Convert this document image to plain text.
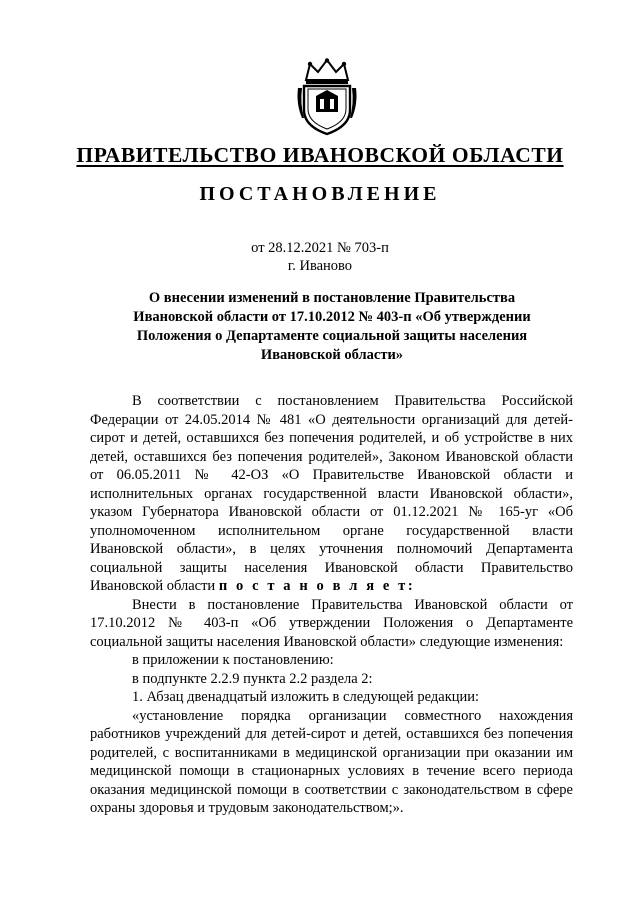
ПРАВИТЕЛЬСТВО ИВАНОВСКОЙ ОБЛАСТИ
ПОСТАНОВЛЕНИЕ
от 28.12.2021 № 703-п
г. Иваново
О внесении изменений в постановление Правительства
Ивановской области от 17.10.2012 № 403-п «Об утверждении
Положения о Департаменте социальной защиты населения
Ивановской области»

В соответствии с постановлением Правительства Российской Федерации от 24.05.2014 № 481 «О деятельности организаций для детей-сирот и детей, оставшихся без попечения родителей, и об устройстве в них детей, оставшихся без попечения родителей», Законом Ивановской области от 06.05.2011 № 42-ОЗ «О Правительстве Ивановской области и исполнительных органах государственной власти Ивановской области», указом Губернатора Ивановской области от 01.12.2021 № 165-уг «Об уполномоченном исполнительном органе государственной власти Ивановской области», в целях уточнения полномочий Департамента социальной защиты населения Ивановской области Правительство Ивановской области п о с т а н о в л я е т:

Внести в постановление Правительства Ивановской области от 17.10.2012 № 403-п «Об утверждении Положения о Департаменте социальной защиты населения Ивановской области» следующие изменения:

в приложении к постановлению:

в подпункте 2.2.9 пункта 2.2 раздела 2:

1. Абзац двенадцатый изложить в следующей редакции:

«установление порядка организации совместного нахождения работников учреждений для детей-сирот и детей, оставшихся без попечения родителей, с воспитанниками в медицинской организации при оказании им медицинской помощи в стационарных условиях в течение всего периода оказания медицинской помощи в соответствии с законодательством в сфере охраны здоровья и трудовым законодательством;».
